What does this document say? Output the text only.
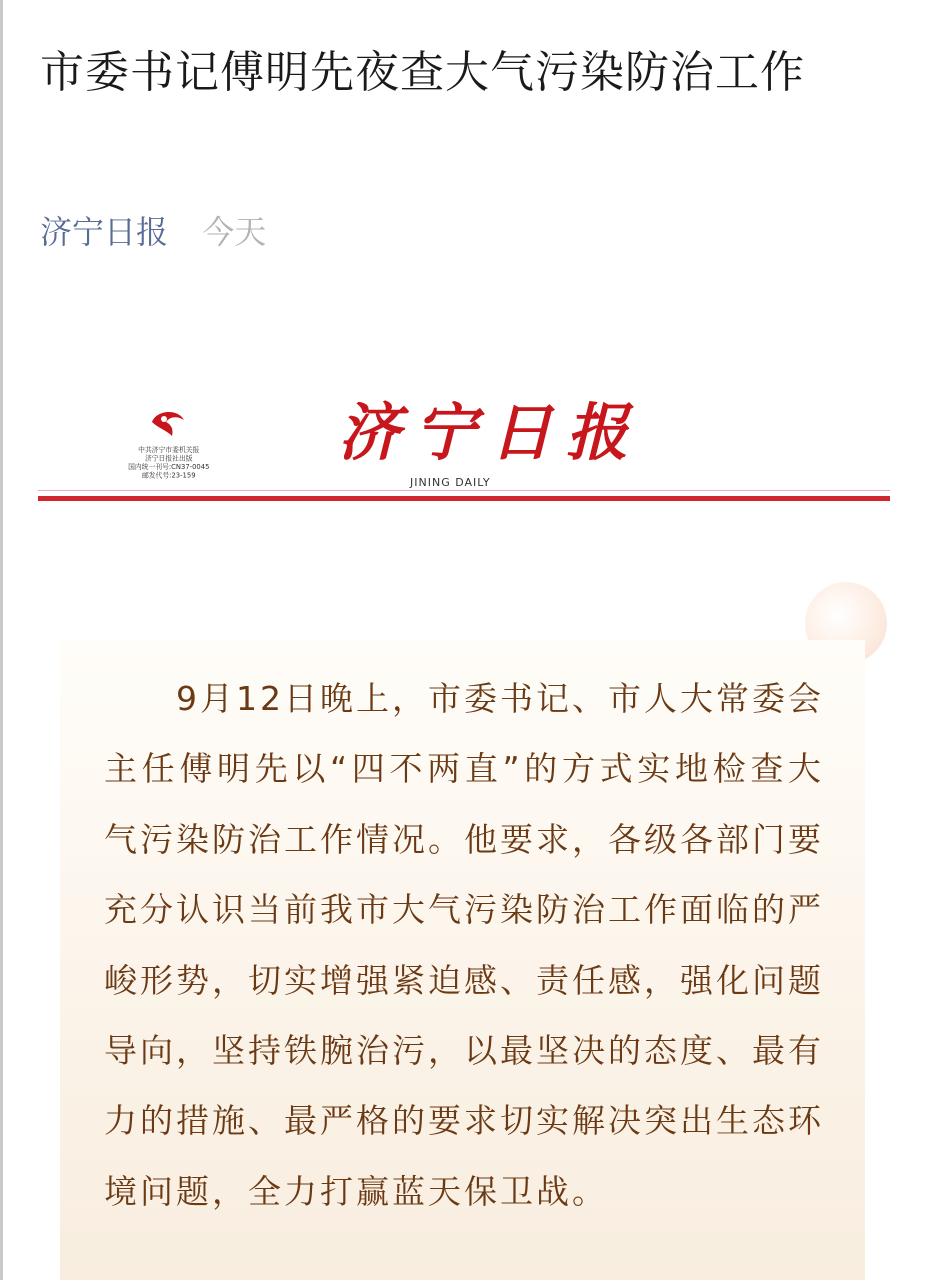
市委书记傅明先夜查大气污染防治工作
济宁日报 今天
中共济宁市委机关报
济宁日报社出版
国内统一刊号:CN37-0045
邮发代号:23-159
济宁日报
JINING DAILY

9月12日晚上，市委书记、市人大常委会主任傅明先以“四不两直”的方式实地检查大气污染防治工作情况。他要求，各级各部门要充分认识当前我市大气污染防治工作面临的严峻形势，切实增强紧迫感、责任感，强化问题导向，坚持铁腕治污，以最坚决的态度、最有力的措施、最严格的要求切实解决突出生态环境问题，全力打赢蓝天保卫战。
